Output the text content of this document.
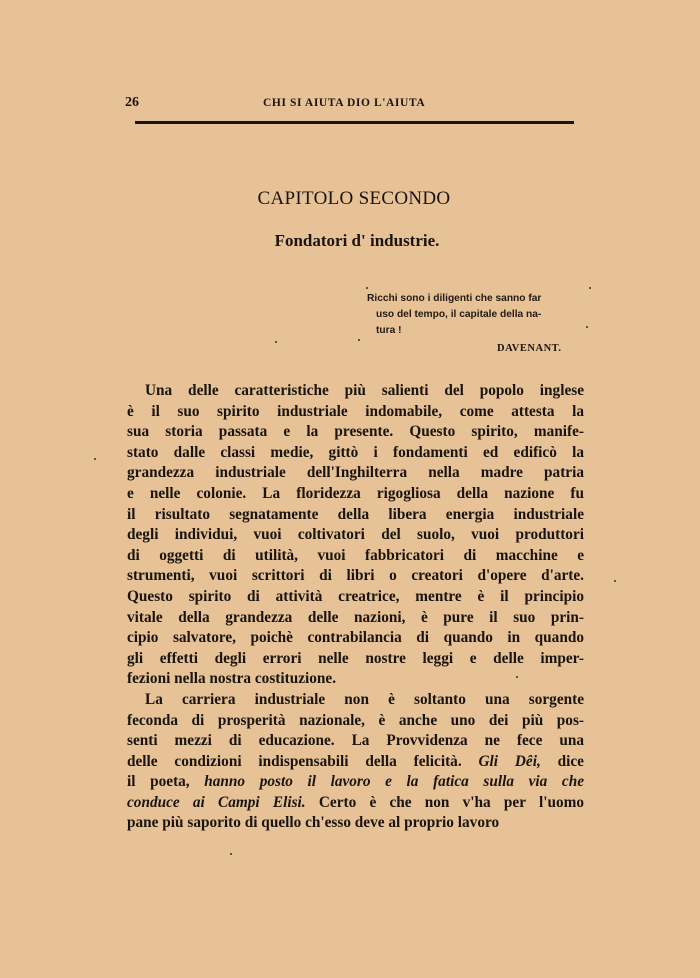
26	CHI SI AIUTA DIO L'AIUTA
CAPITOLO SECONDO
Fondatori d' industrie.
Ricchi sono i diligenti che sanno far
uso del tempo, il capitale della na-
tura !
DAVENANT.
Una delle caratteristiche più salienti del popolo inglese
è il suo spirito industriale indomabile, come attesta la
sua storia passata e la presente. Questo spirito, manife-
stato dalle classi medie, gittò i fondamenti ed edificò la
grandezza industriale dell'Inghilterra nella madre patria
e nelle colonie. La floridezza rigogliosa della nazione fu
il risultato segnatamente della libera energia industriale
degli individui, vuoi coltivatori del suolo, vuoi produttori
di oggetti di utilità, vuoi fabbricatori di macchine e
strumenti, vuoi scrittori di libri o creatori d'opere d'arte.
Questo spirito di attività creatrice, mentre è il principio
vitale della grandezza delle nazioni, è pure il suo prin-
cipio salvatore, poichè contrabilancia di quando in quando
gli effetti degli errori nelle nostre leggi e delle imper-
fezioni nella nostra costituzione.
La carriera industriale non è soltanto una sorgente
feconda di prosperità nazionale, è anche uno dei più pos-
senti mezzi di educazione. La Provvidenza ne fece una
delle condizioni indispensabili della felicità. Gli Dêi, dice
il poeta, hanno posto il lavoro e la fatica sulla via che
conduce ai Campi Elisi. Certo è che non v'ha per l'uomo
pane più saporito di quello ch'esso deve al proprio lavoro
